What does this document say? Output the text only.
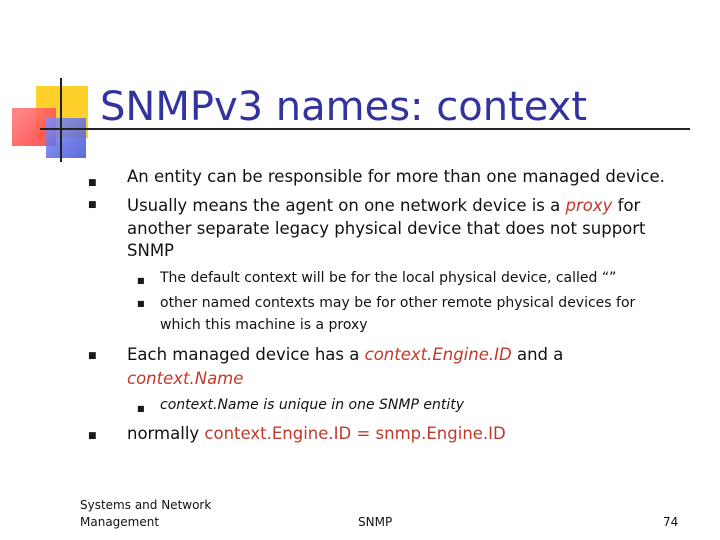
SNMPv3 names: context
■ An entity can be responsible for more than one managed device.
■ Usually means the agent on one network device is a proxy for
another separate legacy physical device that does not support
SNMP
■ The default context will be for the local physical device, called “”
■ other named contexts may be for other remote physical devices for
which this machine is a proxy
■ Each managed device has a context.Engine.ID and a
context.Name
■ context.Name is unique in one SNMP entity
■ normally context.Engine.ID = snmp.Engine.ID
Systems and Network
Management	SNMP	74
